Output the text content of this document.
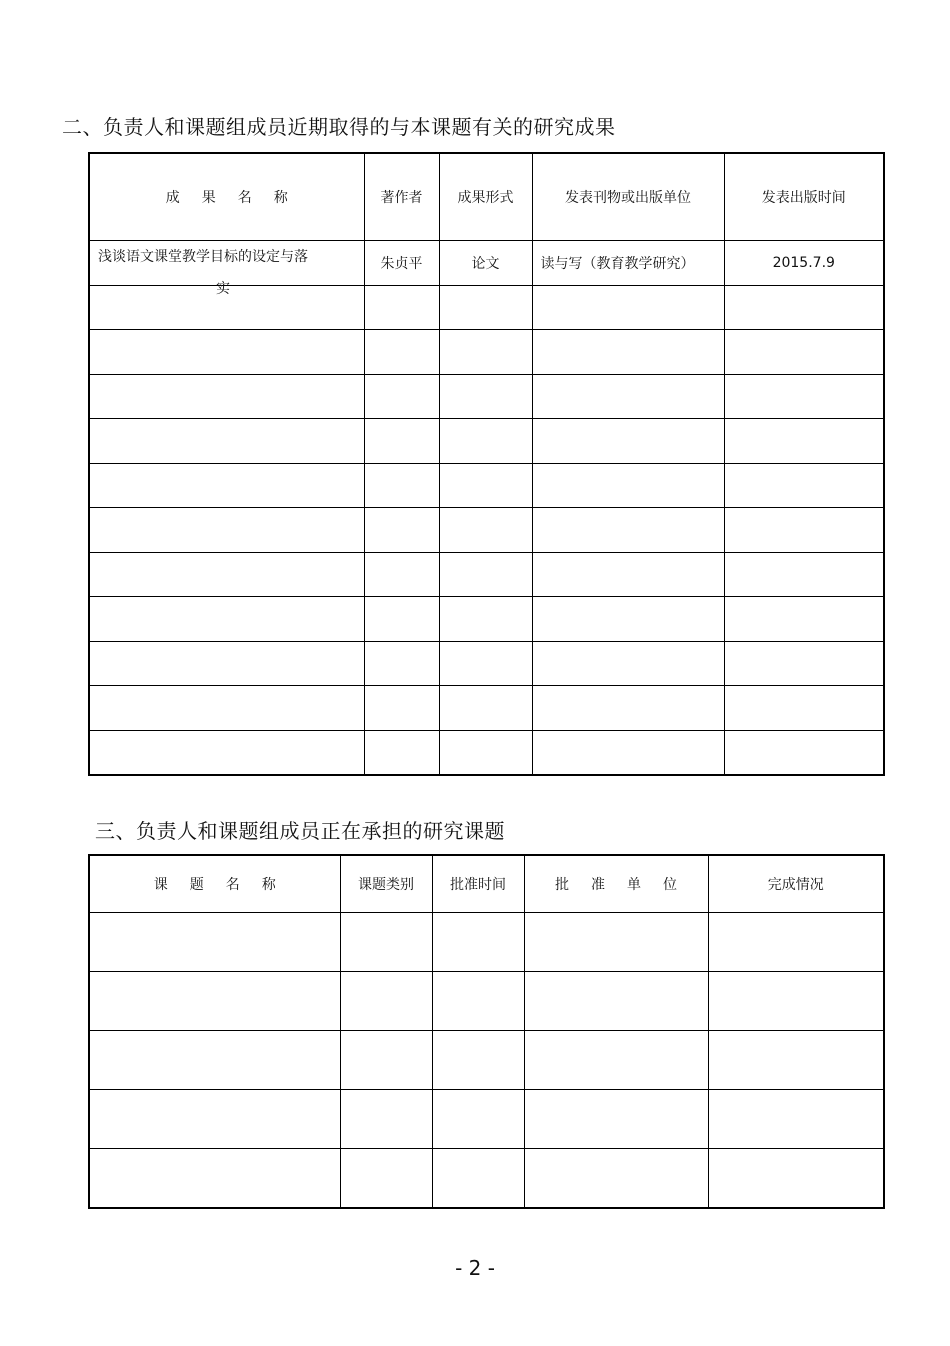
二、负责人和课题组成员近期取得的与本课题有关的研究成果
成 果 名 称	著作者	成果形式	发表刊物或出版单位	发表出版时间

浅谈语文课堂教学目标的设定与落
实	朱贞平	论文	读与写（教育教学研究）	2015.7.9

三、负责人和课题组成员正在承担的研究课题
课 题 名 称	课题类别	批准时间	批 准 单 位	完成情况

- 2 -
